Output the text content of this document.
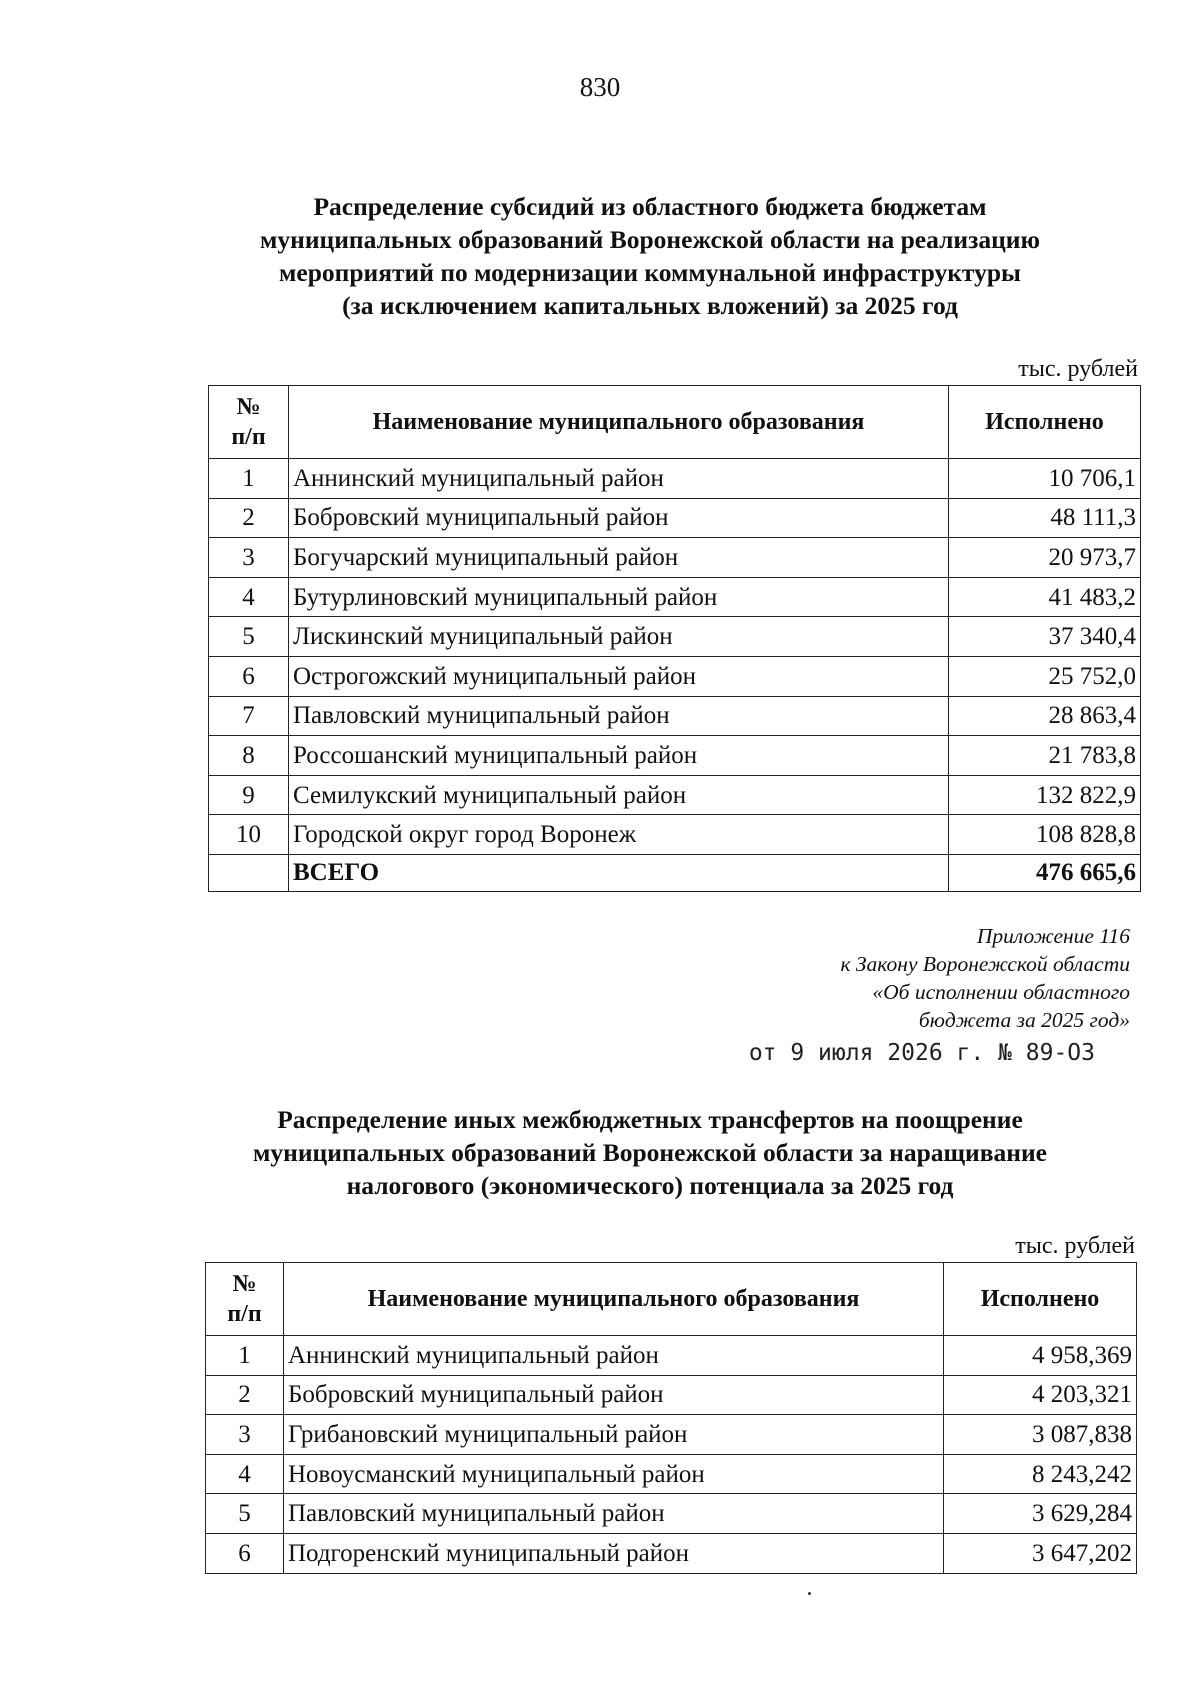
830
Распределение субсидий из областного бюджета бюджетам
муниципальных образований Воронежской области на реализацию
мероприятий по модернизации коммунальной инфраструктуры
(за исключением капитальных вложений) за 2025 год
тыс. рублей
№
п/п	Наименование муниципального образования	Исполнено
1	Аннинский муниципальный район	10 706,1
2	Бобровский муниципальный район	48 111,3
3	Богучарский муниципальный район	20 973,7
4	Бутурлиновский муниципальный район	41 483,2
5	Лискинский муниципальный район	37 340,4
6	Острогожский муниципальный район	25 752,0
7	Павловский муниципальный район	28 863,4
8	Россошанский муниципальный район	21 783,8
9	Семилукский муниципальный район	132 822,9
10	Городской округ город Воронеж	108 828,8
	ВСЕГО	476 665,6
Приложение 116
к Закону Воронежской области
«Об исполнении областного
бюджета за 2025 год»
от 9 июля 2026 г. № 89-ОЗ
Распределение иных межбюджетных трансфертов на поощрение
муниципальных образований Воронежской области за наращивание
налогового (экономического) потенциала за 2025 год
тыс. рублей
№
п/п	Наименование муниципального образования	Исполнено
1	Аннинский муниципальный район	4 958,369
2	Бобровский муниципальный район	4 203,321
3	Грибановский муниципальный район	3 087,838
4	Новоусманский муниципальный район	8 243,242
5	Павловский муниципальный район	3 629,284
6	Подгоренский муниципальный район	3 647,202
